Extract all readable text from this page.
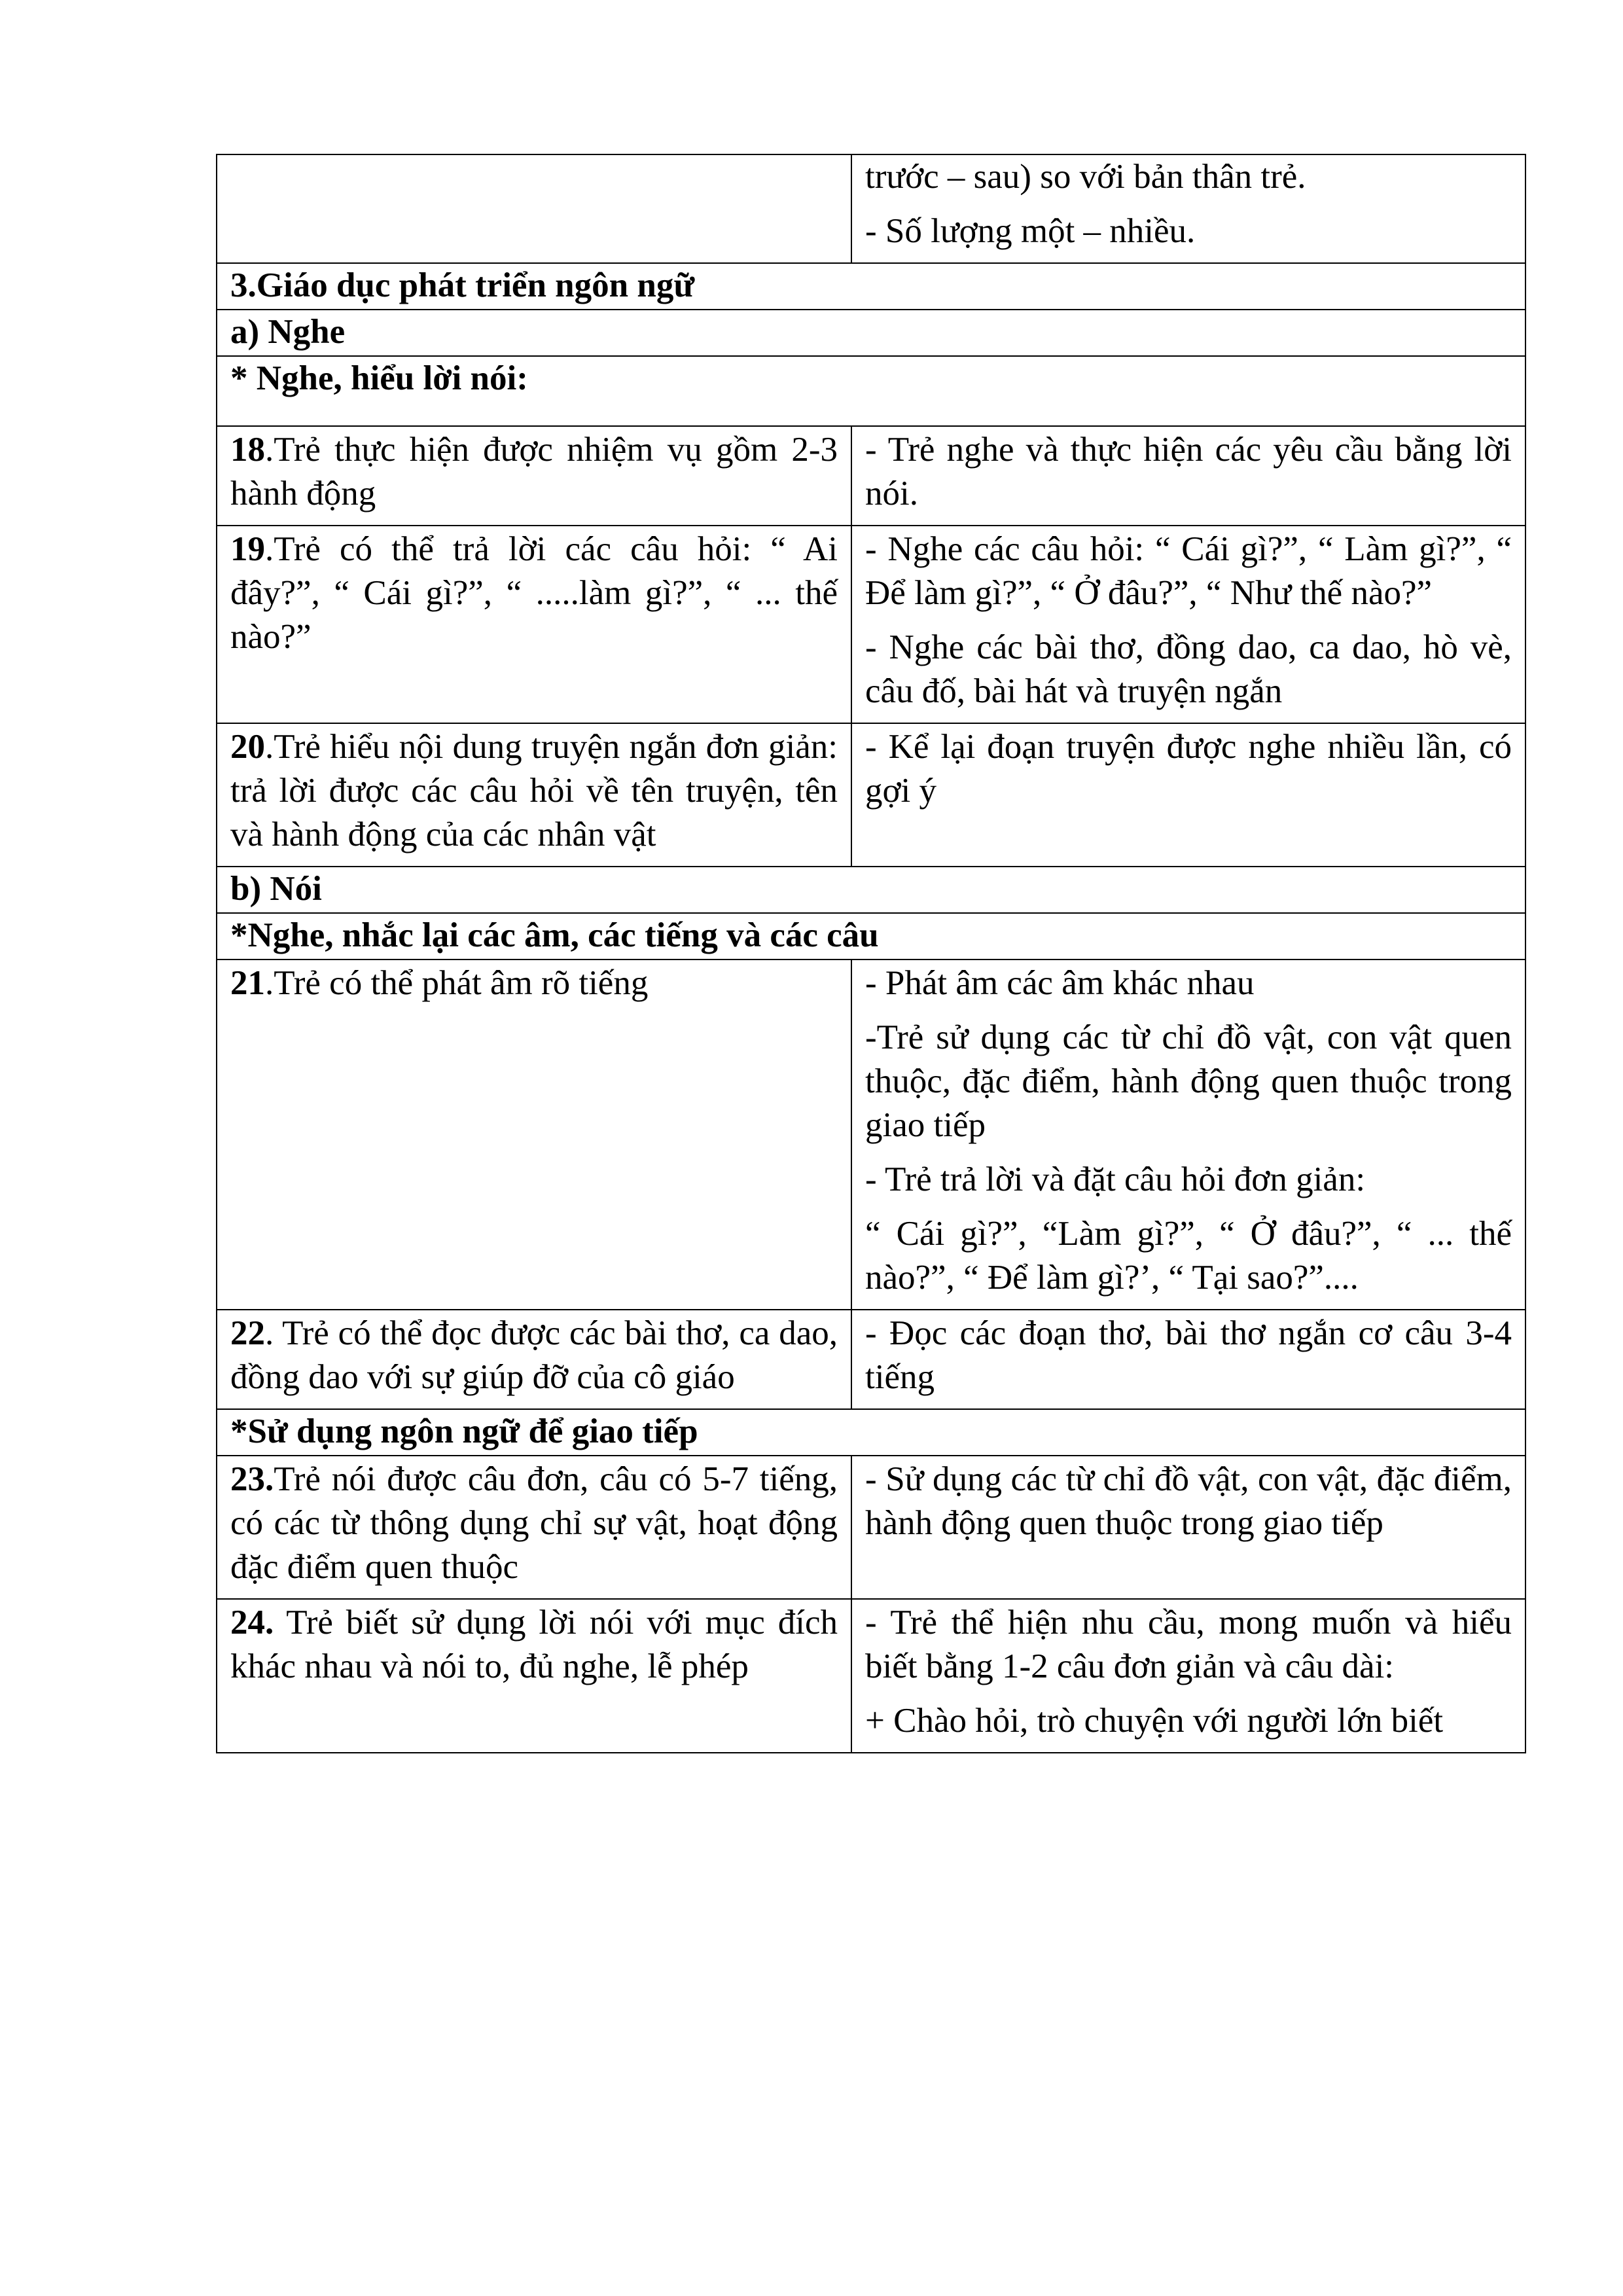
	trước – sau) so với bản thân trẻ.

- Số lượng một – nhiều.

3.Giáo dục phát triển ngôn ngữ	
a) Nghe	
* Nghe, hiểu lời nói:	
18.Trẻ thực hiện được nhiệm vụ gồm 2-3 hành động	- Trẻ nghe và thực hiện các yêu cầu bằng lời nói.

19.Trẻ có thể trả lời các câu hỏi: “ Ai đây?”, “ Cái gì?”, “ .....làm gì?”, “ ... thế nào?”	- Nghe các câu hỏi: “ Cái gì?”, “ Làm gì?”, “ Để làm gì?”, “ Ở đâu?”, “ Như thế nào?”

- Nghe các bài thơ, đồng dao, ca dao, hò vè, câu đố, bài hát và truyện ngắn

20.Trẻ hiểu nội dung truyện ngắn đơn giản: trả lời được các câu hỏi về tên truyện, tên và hành động của các nhân vật	- Kể lại đoạn truyện được nghe nhiều lần, có gợi ý

b) Nói	
*Nghe, nhắc lại các âm, các tiếng và các câu	
21.Trẻ có thể phát âm rõ tiếng	- Phát âm các âm khác nhau

-Trẻ sử dụng các từ chỉ đồ vật, con vật quen thuộc, đặc điểm, hành động quen thuộc trong giao tiếp

- Trẻ trả lời và đặt câu hỏi đơn giản:

“ Cái gì?”, “Làm gì?”, “ Ở đâu?”, “ ... thế nào?”, “ Để làm gì?’, “ Tại sao?”....

22. Trẻ có thể đọc được các bài thơ, ca dao, đồng dao với sự giúp đỡ của cô giáo	- Đọc các đoạn thơ, bài thơ ngắn cơ câu 3-4 tiếng

*Sử dụng ngôn ngữ để giao tiếp	
23.Trẻ nói được câu đơn, câu có 5-7 tiếng, có các từ thông dụng chỉ sự vật, hoạt động đặc điểm quen thuộc	- Sử dụng các từ chỉ đồ vật, con vật, đặc điểm, hành động quen thuộc trong giao tiếp

24. Trẻ biết sử dụng lời nói với mục đích khác nhau và nói to, đủ nghe, lễ phép	- Trẻ thể hiện nhu cầu, mong muốn và hiểu biết bằng 1-2 câu đơn giản và câu dài:

+ Chào hỏi, trò chuyện với người lớn biết
